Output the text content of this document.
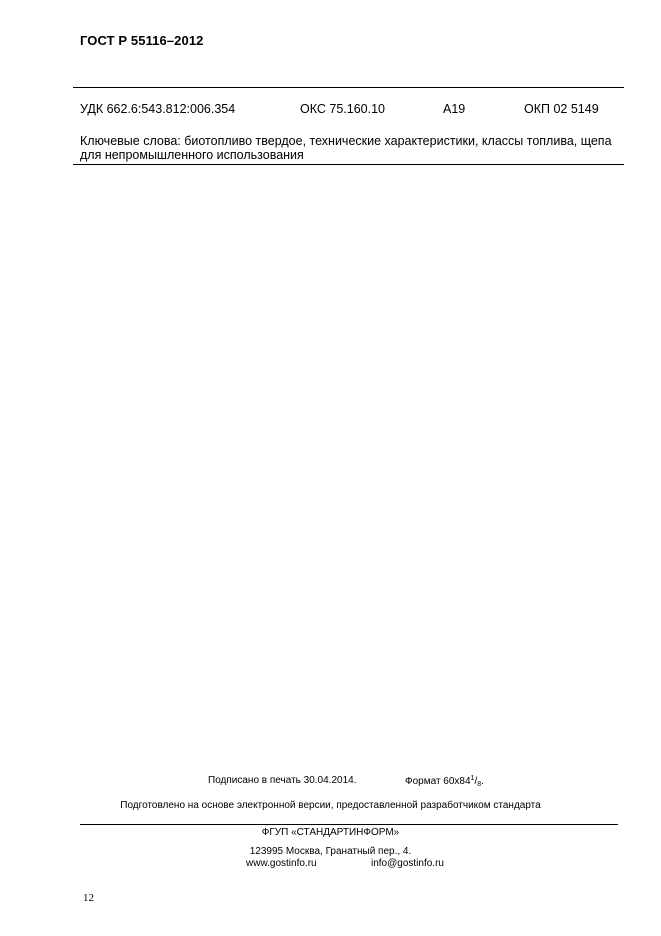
ГОСТ Р 55116–2012
УДК 662.6:543.812:006.354	ОКС 75.160.10	А19	ОКП 02 5149
Ключевые слова: биотопливо твердое, технические характеристики, классы топлива, щепа для непромышленного использования
Подписано в печать 30.04.2014.	Формат $60х84^1/_8$.
Подготовлено на основе электронной версии, предоставленной разработчиком стандарта
ФГУП «СТАНДАРТИНФОРМ»
123995 Москва, Гранатный пер., 4.
www.gostinfo.ru	info@gostinfo.ru
12
